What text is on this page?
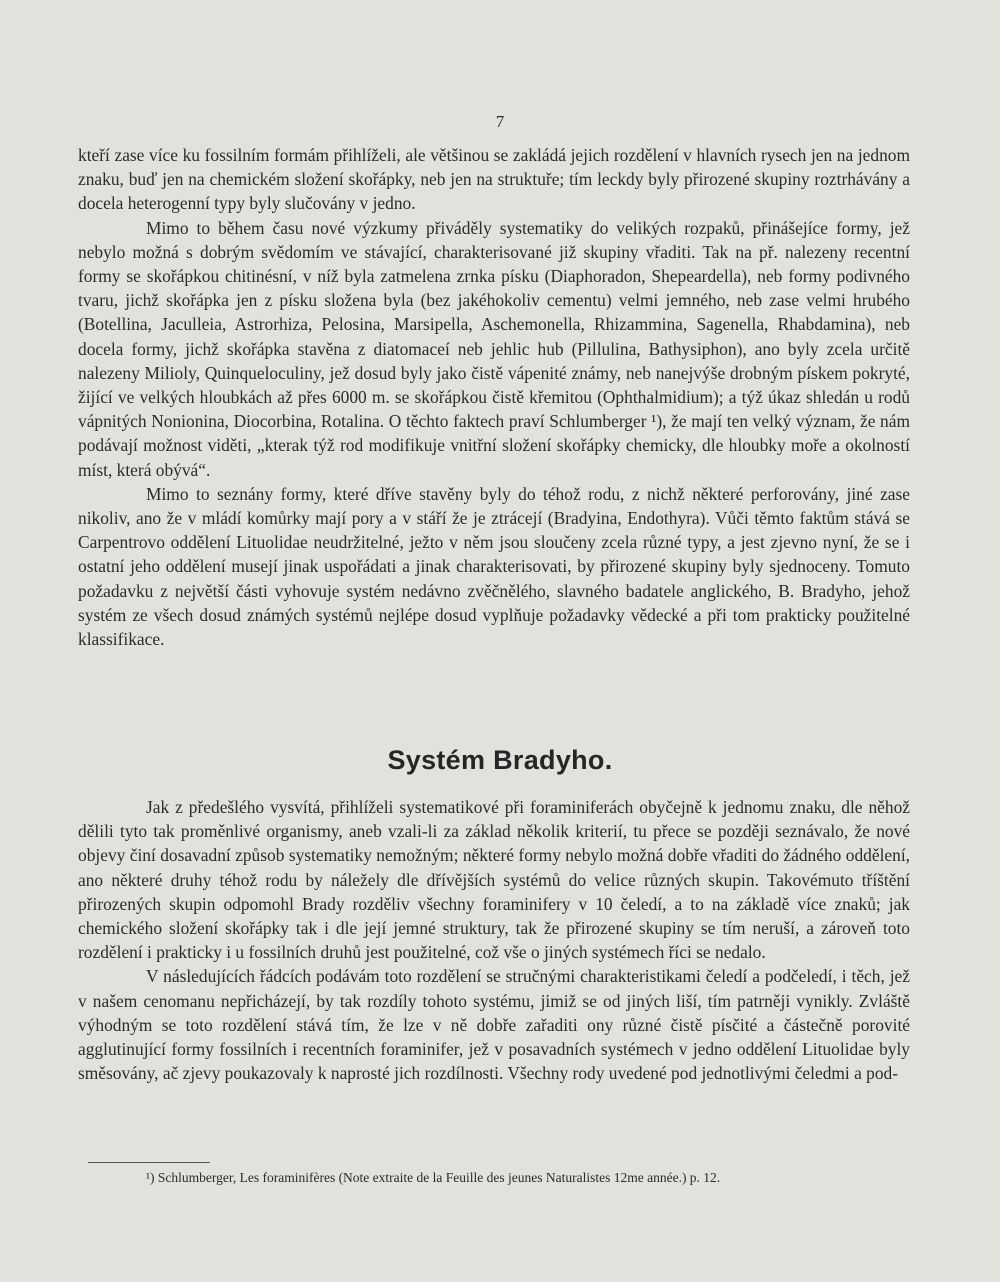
7

kteří zase více ku fossilním formám přihlíželi, ale většinou se zakládá jejich rozdělení v hlavních rysech jen na jednom znaku, buď jen na chemickém složení skořápky, neb jen na struktuře; tím leckdy byly přirozené skupiny roztrhávány a docela heterogenní typy byly slučovány v jedno.

Mimo to během času nové výzkumy přiváděly systematiky do velikých rozpaků, přinášejíce formy, jež nebylo možná s dobrým svědomím ve stávající, charakterisované již skupiny vřaditi. Tak na př. nalezeny recentní formy se skořápkou chitinésní, v níž byla zatmelena zrnka písku (Diaphoradon, Shepeardella), neb formy podivného tvaru, jichž skořápka jen z písku složena byla (bez jakéhokoliv cementu) velmi jemného, neb zase velmi hrubého (Botellina, Jaculleia, Astrorhiza, Pelosina, Marsipella, Aschemonella, Rhizammina, Sagenella, Rhabdamina), neb docela formy, jichž skořápka stavěna z diatomaceí neb jehlic hub (Pillulina, Bathysiphon), ano byly zcela určitě nalezeny Milioly, Quinqueloculiny, jež dosud byly jako čistě vápenité známy, neb nanejvýše drobným pískem pokryté, žijící ve velkých hloubkách až přes 6000 m. se skořápkou čistě křemitou (Ophthalmidium); a týž úkaz shledán u rodů vápnitých Nonionina, Diocorbina, Rotalina. O těchto faktech praví Schlumberger ¹), že mají ten velký význam, že nám podávají možnost viděti, „kterak týž rod modifikuje vnitřní složení skořápky chemicky, dle hloubky moře a okolností míst, která obývá“.

Mimo to seznány formy, které dříve stavěny byly do téhož rodu, z nichž některé perforovány, jiné zase nikoliv, ano že v mládí komůrky mají pory a v stáří že je ztrácejí (Bradyina, Endothyra). Vůči těmto faktům stává se Carpentrovo oddělení Lituolidae neudržitelné, ježto v něm jsou sloučeny zcela různé typy, a jest zjevno nyní, že se i ostatní jeho oddělení musejí jinak uspořádati a jinak charakterisovati, by přirozené skupiny byly sjednoceny. Tomuto požadavku z největší části vyhovuje systém nedávno zvěčnělého, slavného badatele anglického, B. Bradyho, jehož systém ze všech dosud známých systémů nejlépe dosud vyplňuje požadavky vědecké a při tom prakticky použitelné klassifikace.

Systém Bradyho.

Jak z předešlého vysvítá, přihlíželi systematikové při foraminiferách obyčejně k jednomu znaku, dle něhož dělili tyto tak proměnlivé organismy, aneb vzali-li za základ několik kriterií, tu přece se později seznávalo, že nové objevy činí dosavadní způsob systematiky nemožným; některé formy nebylo možná dobře vřaditi do žádného oddělení, ano některé druhy téhož rodu by náležely dle dřívějších systémů do velice různých skupin. Takovémuto tříštění přirozených skupin odpomohl Brady rozděliv všechny foraminifery v 10 čeledí, a to na základě více znaků; jak chemického složení skořápky tak i dle její jemné struktury, tak že přirozené skupiny se tím neruší, a zároveň toto rozdělení i prakticky i u fossilních druhů jest použitelné, což vše o jiných systémech říci se nedalo.

V následujících řádcích podávám toto rozdělení se stručnými charakteristikami čeledí a podčeledí, i těch, jež v našem cenomanu nepřicházejí, by tak rozdíly tohoto systému, jimiž se od jiných liší, tím patrněji vynikly. Zvláště výhodným se toto rozdělení stává tím, že lze v ně dobře zařaditi ony různé čistě písčité a částečně porovité agglutinující formy fossilních i recentních foraminifer, jež v posavadních systémech v jedno oddělení Lituolidae byly směsovány, ač zjevy poukazovaly k naprosté jich rozdílnosti. Všechny rody uvedené pod jednotlivými čeledmi a pod-

¹) Schlumberger, Les foraminifères (Note extraite de la Feuille des jeunes Naturalistes 12me année.) p. 12.
